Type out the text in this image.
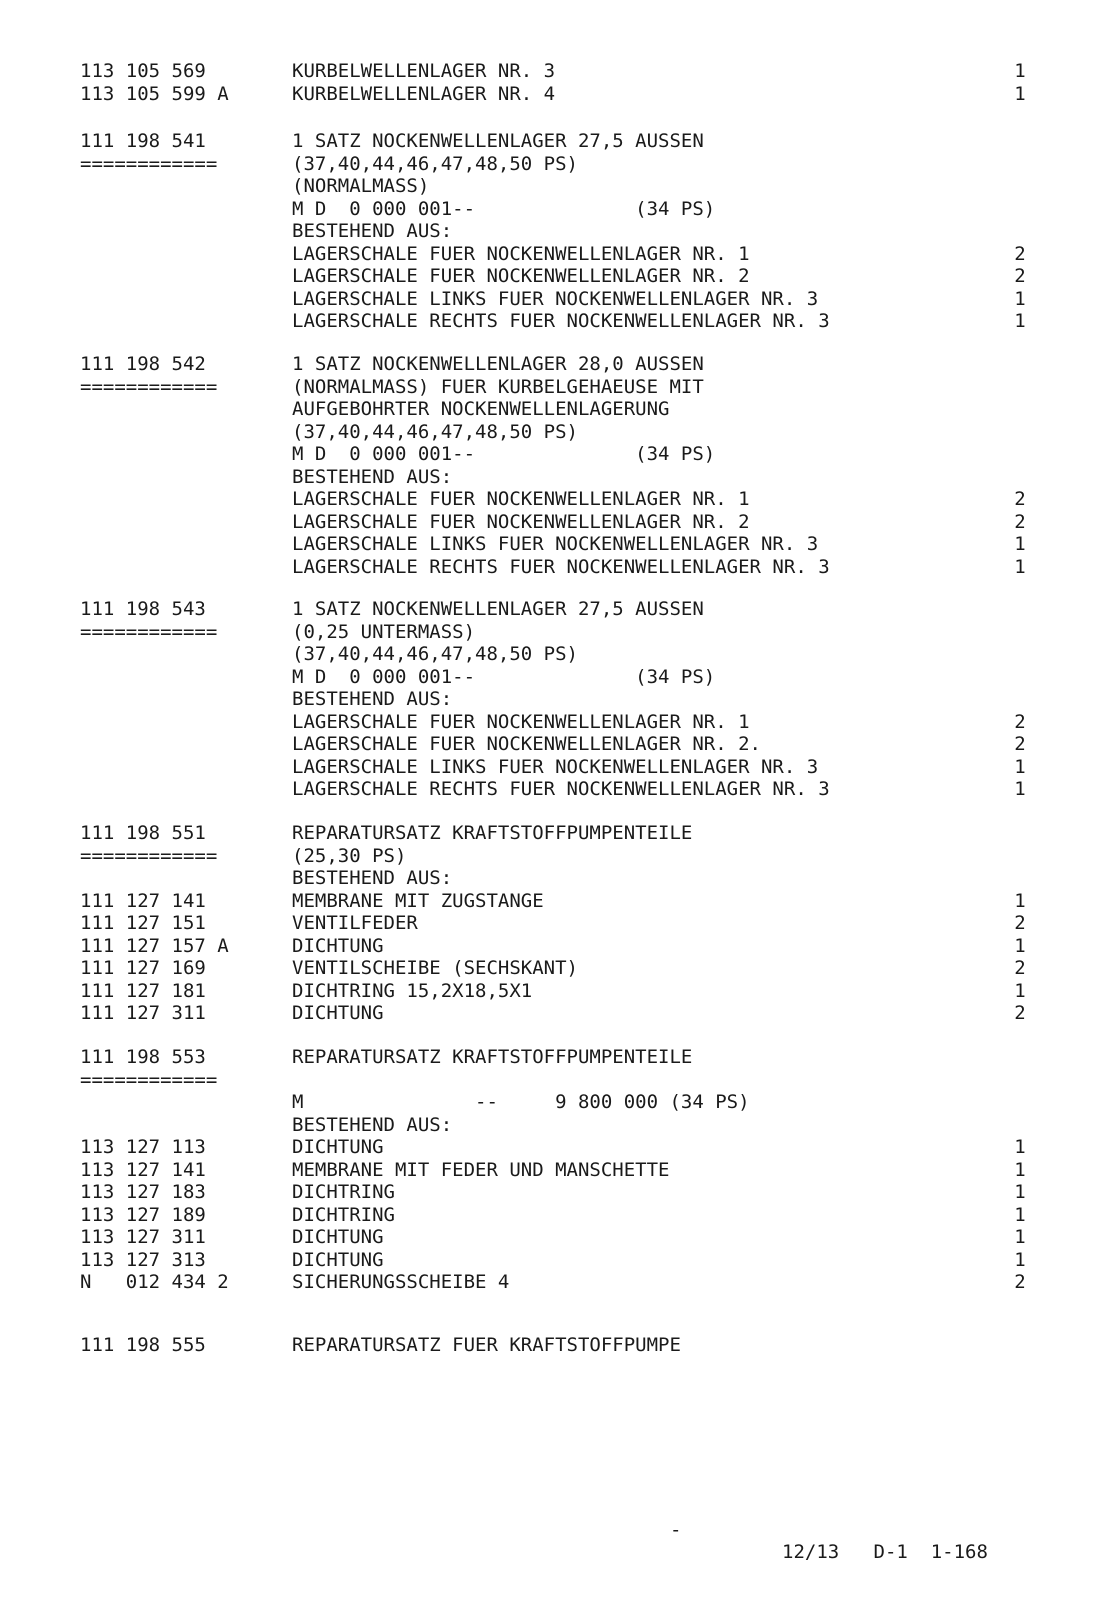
113 105 569	KURBELWELLENLAGER NR. 3	1
113 105 599 A	KURBELWELLENLAGER NR. 4	1
111 198 541	1 SATZ NOCKENWELLENLAGER 27,5 AUSSEN
============	(37,40,44,46,47,48,50 PS)
(NORMALMASS)
M D  0 000 001--              (34 PS)
BESTEHEND AUS:
LAGERSCHALE FUER NOCKENWELLENLAGER NR. 1	2
LAGERSCHALE FUER NOCKENWELLENLAGER NR. 2	2
LAGERSCHALE LINKS FUER NOCKENWELLENLAGER NR. 3	1
LAGERSCHALE RECHTS FUER NOCKENWELLENLAGER NR. 3	1
111 198 542	1 SATZ NOCKENWELLENLAGER 28,0 AUSSEN
============	(NORMALMASS) FUER KURBELGEHAEUSE MIT
AUFGEBOHRTER NOCKENWELLENLAGERUNG
(37,40,44,46,47,48,50 PS)
M D  0 000 001--              (34 PS)
BESTEHEND AUS:
LAGERSCHALE FUER NOCKENWELLENLAGER NR. 1	2
LAGERSCHALE FUER NOCKENWELLENLAGER NR. 2	2
LAGERSCHALE LINKS FUER NOCKENWELLENLAGER NR. 3	1
LAGERSCHALE RECHTS FUER NOCKENWELLENLAGER NR. 3	1
111 198 543	1 SATZ NOCKENWELLENLAGER 27,5 AUSSEN
============	(0,25 UNTERMASS)
(37,40,44,46,47,48,50 PS)
M D  0 000 001--              (34 PS)
BESTEHEND AUS:
LAGERSCHALE FUER NOCKENWELLENLAGER NR. 1	2
LAGERSCHALE FUER NOCKENWELLENLAGER NR. 2.	2
LAGERSCHALE LINKS FUER NOCKENWELLENLAGER NR. 3	1
LAGERSCHALE RECHTS FUER NOCKENWELLENLAGER NR. 3	1
111 198 551	REPARATURSATZ KRAFTSTOFFPUMPENTEILE
============	(25,30 PS)
BESTEHEND AUS:
111 127 141	MEMBRANE MIT ZUGSTANGE	1
111 127 151	VENTILFEDER	2
111 127 157 A	DICHTUNG	1
111 127 169	VENTILSCHEIBE (SECHSKANT)	2
111 127 181	DICHTRING 15,2X18,5X1	1
111 127 311	DICHTUNG	2
111 198 553	REPARATURSATZ KRAFTSTOFFPUMPENTEILE
============
M               --     9 800 000 (34 PS)
BESTEHEND AUS:
113 127 113	DICHTUNG	1
113 127 141	MEMBRANE MIT FEDER UND MANSCHETTE	1
113 127 183	DICHTRING	1
113 127 189	DICHTRING	1
113 127 311	DICHTUNG	1
113 127 313	DICHTUNG	1
N   012 434 2	SICHERUNGSSCHEIBE 4	2
111 198 555	REPARATURSATZ FUER KRAFTSTOFFPUMPE

-

12/13   D-1  1-168
